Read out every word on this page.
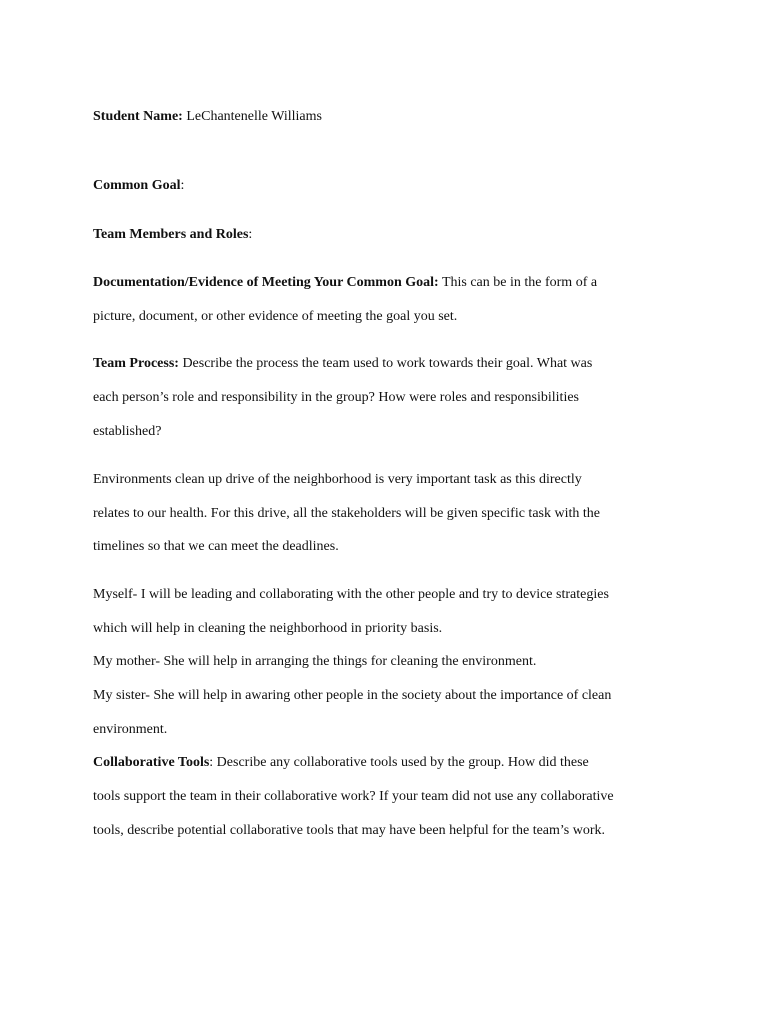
Student Name: LeChantenelle Williams
Common Goal:
Team Members and Roles:
Documentation/Evidence of Meeting Your Common Goal: This can be in the form of a
picture, document, or other evidence of meeting the goal you set.
Team Process: Describe the process the team used to work towards their goal. What was
each person’s role and responsibility in the group? How were roles and responsibilities
established?
Environments clean up drive of the neighborhood is very important task as this directly
relates to our health. For this drive, all the stakeholders will be given specific task with the
timelines so that we can meet the deadlines.
Myself- I will be leading and collaborating with the other people and try to device strategies
which will help in cleaning the neighborhood in priority basis.
My mother- She will help in arranging the things for cleaning the environment.
My sister- She will help in awaring other people in the society about the importance of clean
environment.
Collaborative Tools: Describe any collaborative tools used by the group. How did these
tools support the team in their collaborative work? If your team did not use any collaborative
tools, describe potential collaborative tools that may have been helpful for the team’s work.
